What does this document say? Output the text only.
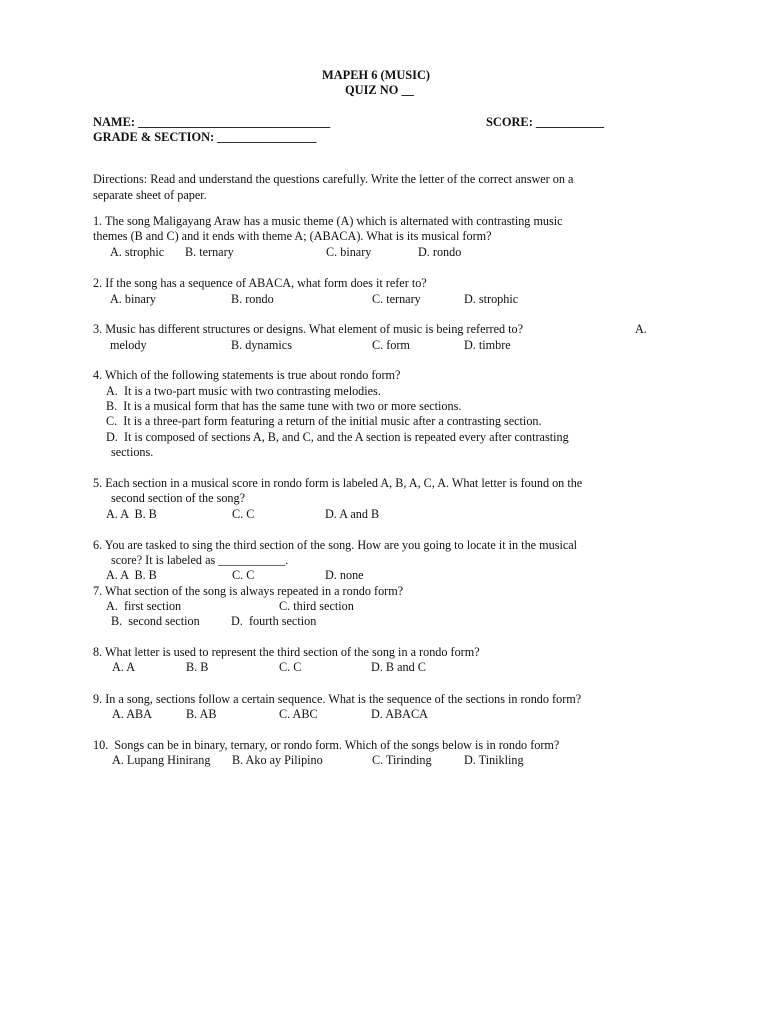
MAPEH 6 (MUSIC)
QUIZ NO __
NAME: _______________________________	SCORE: ___________
GRADE & SECTION: ________________
Directions: Read and understand the questions carefully. Write the letter of the correct answer on a
separate sheet of paper.
1. The song Maligayang Araw has a music theme (A) which is alternated with contrasting music
themes (B and C) and it ends with theme A; (ABACA). What is its musical form?
A. strophic B. ternary	C. binary	D. rondo
2. If the song has a sequence of ABACA, what form does it refer to?
A. binary	B. rondo	C. ternary	D. strophic
3. Music has different structures or designs. What element of music is being referred to?	A.
melody	B. dynamics	C. form	D. timbre
4. Which of the following statements is true about rondo form?
A.  It is a two-part music with two contrasting melodies.
B.  It is a musical form that has the same tune with two or more sections.
C.  It is a three-part form featuring a return of the initial music after a contrasting section.
D.  It is composed of sections A, B, and C, and the A section is repeated every after contrasting
sections.
5. Each section in a musical score in rondo form is labeled A, B, A, C, A. What letter is found on the
second section of the song?
A. A  B. B	C. C	D. A and B
6. You are tasked to sing the third section of the song. How are you going to locate it in the musical
score? It is labeled as ___________.
A. A  B. B	C. C	D. none
7. What section of the song is always repeated in a rondo form?
A.  first section	C. third section
B.  second section	D.  fourth section
8. What letter is used to represent the third section of the song in a rondo form?
A. A	B. B	C. C	D. B and C
9. In a song, sections follow a certain sequence. What is the sequence of the sections in rondo form?
A. ABA	B. AB	C. ABC	D. ABACA
10.  Songs can be in binary, ternary, or rondo form. Which of the songs below is in rondo form?
A. Lupang Hinirang B. Ako ay Pilipino	C. Tirinding	D. Tinikling
